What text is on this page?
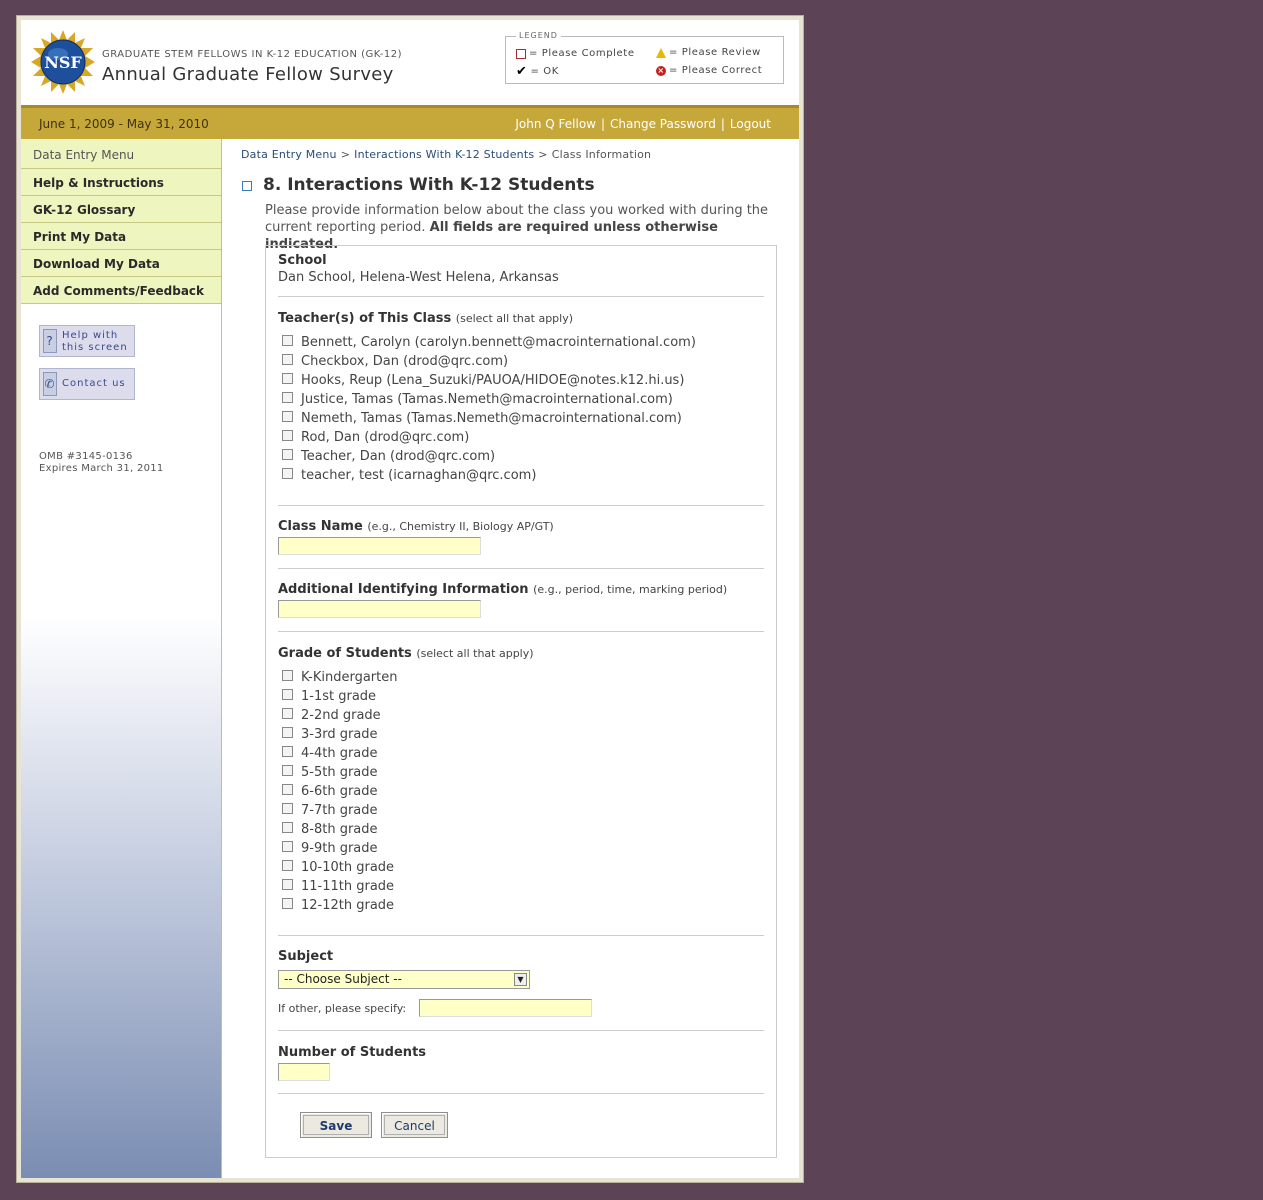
NSF GRADUATE STEM FELLOWS IN K-12 EDUCATION (GK-12)
Annual Graduate Fellow Survey
LEGEND
= Please Complete	= Please Review
✔ = OK	× = Please Correct
June 1, 2009 - May 31, 2010	John Q Fellow | Change Password | Logout
Data Entry Menu
Help & Instructions
GK-12 Glossary
Print My Data
Download My Data
Add Comments/Feedback
? Help with
this screen
✆ Contact us
OMB #3145-0136
Expires March 31, 2011
Data Entry Menu > Interactions With K-12 Students > Class Information
8. Interactions With K-12 Students
Please provide information below about the class you worked with during the current reporting period. All fields are required unless otherwise indicated.
School
Dan School, Helena-West Helena, Arkansas
Teacher(s) of This Class (select all that apply)
Bennett, Carolyn (carolyn.bennett@macrointernational.com)
Checkbox, Dan (drod@qrc.com)
Hooks, Reup (Lena_Suzuki/PAUOA/HIDOE@notes.k12.hi.us)
Justice, Tamas (Tamas.Nemeth@macrointernational.com)
Nemeth, Tamas (Tamas.Nemeth@macrointernational.com)
Rod, Dan (drod@qrc.com)
Teacher, Dan (drod@qrc.com)
teacher, test (icarnaghan@qrc.com)
Class Name (e.g., Chemistry II, Biology AP/GT)
Additional Identifying Information (e.g., period, time, marking period)
Grade of Students (select all that apply)
K-Kindergarten
1-1st grade
2-2nd grade
3-3rd grade
4-4th grade
5-5th grade
6-6th grade
7-7th grade
8-8th grade
9-9th grade
10-10th grade
11-11th grade
12-12th grade
Subject
-- Choose Subject --	▼
If other, please specify:
Number of Students
Save	Cancel
